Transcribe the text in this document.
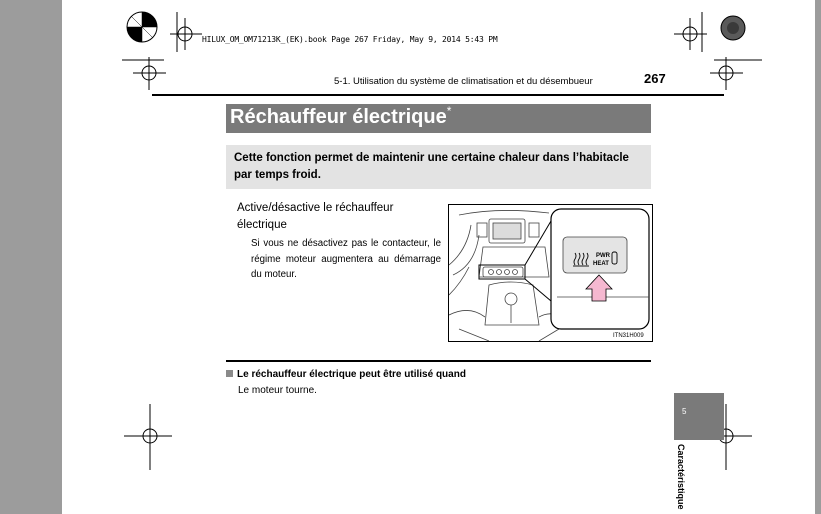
HILUX_OM_OM71213K_(EK).book Page 267 Friday, May 9, 2014 5:43 PM
5-1. Utilisation du système de climatisation et du désembueur	267
Réchauffeur électrique*

Cette fonction permet de maintenir une certaine chaleur dans l’habitacle par temps froid.

Active/désactive le réchauffeur électrique
Si vous ne désactivez pas le contacteur, le régime moteur augmentera au démarrage du moteur.
PWR
HEAT
ITN31H009
Le réchauffeur électrique peut être utilisé quand
Le moteur tourne.
5
Caractéristique
